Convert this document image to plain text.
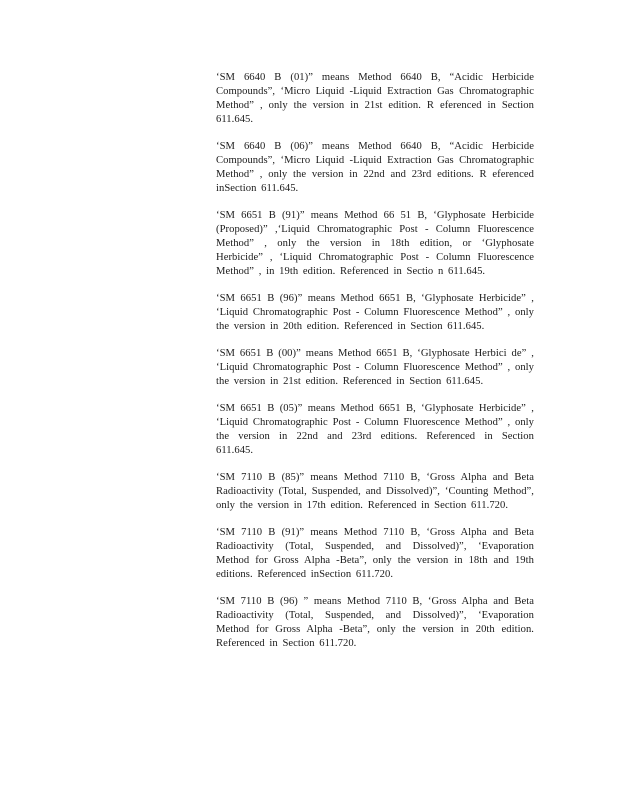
‘SM 6640 B (01)” means Method 6640 B, “Acidic Herbicide Compounds”, ‘Micro Liquid -Liquid Extraction Gas Chromatographic Method” , only the version in 21st edition. R eferenced in Section 611.645.

‘SM 6640 B (06)” means Method 6640 B, “Acidic Herbicide Compounds”, ‘Micro Liquid -Liquid Extraction Gas Chromatographic Method” , only the version in 22nd and 23rd editions. R eferenced inSection 611.645.

‘SM 6651 B (91)” means Method 66 51 B, ‘Glyphosate Herbicide (Proposed)” ,‘Liquid Chromatographic Post - Column Fluorescence Method” , only the version in 18th edition, or ‘Glyphosate Herbicide” , ‘Liquid Chromatographic Post - Column Fluorescence Method” , in 19th edition. Referenced in Sectio n 611.645.

‘SM 6651 B (96)” means Method 6651 B, ‘Glyphosate Herbicide” , ‘Liquid Chromatographic Post - Column Fluorescence Method” , only the version in 20th edition. Referenced in Section 611.645.

‘SM 6651 B (00)” means Method 6651 B, ‘Glyphosate Herbici de” , ‘Liquid Chromatographic Post - Column Fluorescence Method” , only the version in 21st edition. Referenced in Section 611.645.

‘SM 6651 B (05)” means Method 6651 B, ‘Glyphosate Herbicide” , ‘Liquid Chromatographic Post - Column Fluorescence Method” , only the version in 22nd and 23rd editions. Referenced in Section 611.645.

‘SM 7110 B (85)” means Method 7110 B, ‘Gross Alpha and Beta Radioactivity (Total, Suspended, and Dissolved)”, ‘Counting Method”, only the version in 17th edition. Referenced in Section 611.720.

‘SM 7110 B (91)” means Method 7110 B, ‘Gross Alpha and Beta Radioactivity (Total, Suspended, and Dissolved)”, ‘Evaporation Method for Gross Alpha -Beta”, only the version in 18th and 19th editions. Referenced inSection 611.720.

‘SM 7110 B (96) ” means Method 7110 B, ‘Gross Alpha and Beta Radioactivity (Total, Suspended, and Dissolved)”, ‘Evaporation Method for Gross Alpha -Beta”, only the version in 20th edition. Referenced in Section 611.720.
